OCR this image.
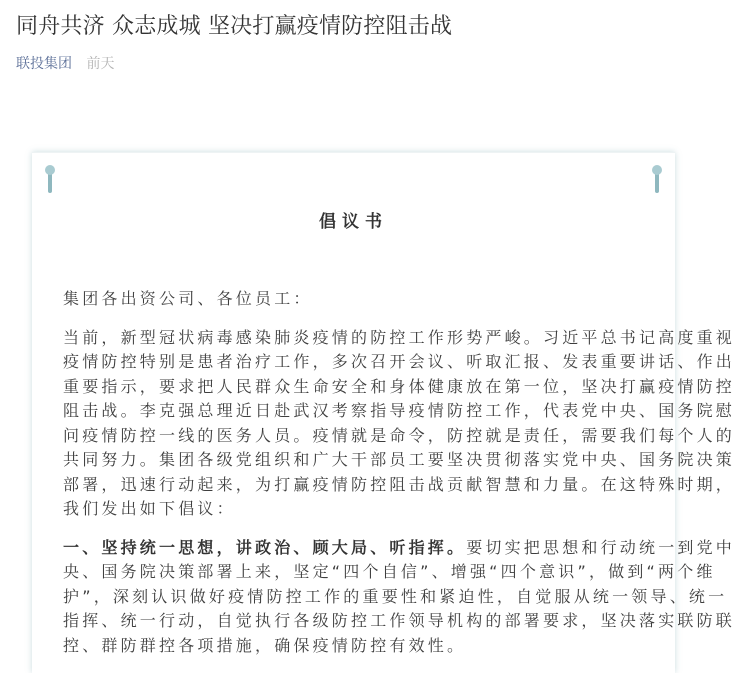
同舟共济 众志成城 坚决打赢疫情防控阻击战
联投集团 前天
倡议书
集团各出资公司、各位员工：
当前，新型冠状病毒感染肺炎疫情的防控工作形势严峻。习近平总书记高度重视
疫情防控特别是患者治疗工作，多次召开会议、听取汇报、发表重要讲话、作出
重要指示，要求把人民群众生命安全和身体健康放在第一位，坚决打赢疫情防控
阻击战。李克强总理近日赴武汉考察指导疫情防控工作，代表党中央、国务院慰
问疫情防控一线的医务人员。疫情就是命令，防控就是责任，需要我们每个人的
共同努力。集团各级党组织和广大干部员工要坚决贯彻落实党中央、国务院决策
部署，迅速行动起来，为打赢疫情防控阻击战贡献智慧和力量。在这特殊时期，
我们发出如下倡议：
一、坚持统一思想，讲政治、顾大局、听指挥。要切实把思想和行动统一到党中
央、国务院决策部署上来，坚定“四个自信”、增强“四个意识”，做到“两个维
护”，深刻认识做好疫情防控工作的重要性和紧迫性，自觉服从统一领导、统一
指挥、统一行动，自觉执行各级防控工作领导机构的部署要求，坚决落实联防联
控、群防群控各项措施，确保疫情防控有效性。
